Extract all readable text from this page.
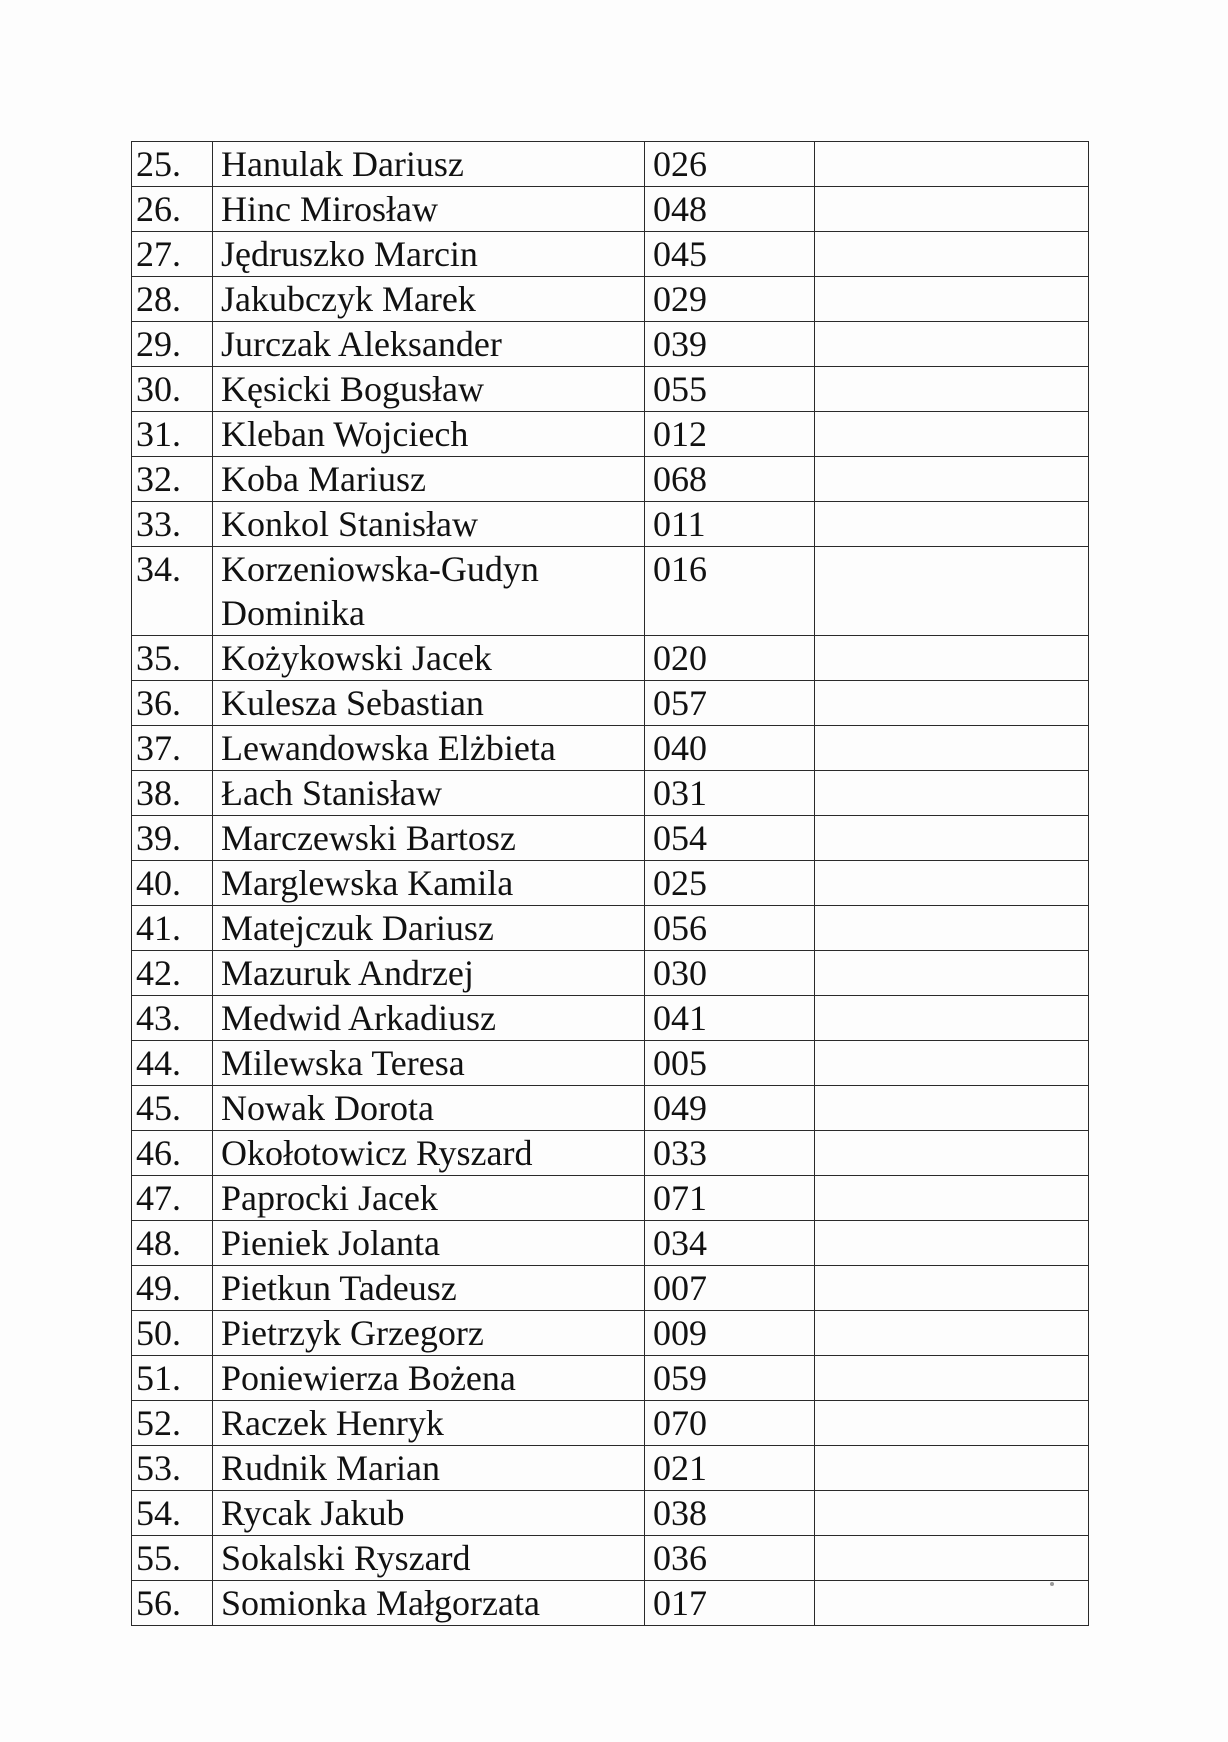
25.	Hanulak Dariusz	026	
26.	Hinc Mirosław	048	
27.	Jędruszko Marcin	045	
28.	Jakubczyk Marek	029	
29.	Jurczak Aleksander	039	
30.	Kęsicki Bogusław	055	
31.	Kleban Wojciech	012	
32.	Koba Mariusz	068	
33.	Konkol Stanisław	011	
34.	Korzeniowska-Gudyn Dominika	016	
35.	Kożykowski Jacek	020	
36.	Kulesza Sebastian	057	
37.	Lewandowska Elżbieta	040	
38.	Łach Stanisław	031	
39.	Marczewski Bartosz	054	
40.	Marglewska Kamila	025	
41.	Matejczuk Dariusz	056	
42.	Mazuruk Andrzej	030	
43.	Medwid Arkadiusz	041	
44.	Milewska Teresa	005	
45.	Nowak Dorota	049	
46.	Okołotowicz Ryszard	033	
47.	Paprocki Jacek	071	
48.	Pieniek Jolanta	034	
49.	Pietkun Tadeusz	007	
50.	Pietrzyk Grzegorz	009	
51.	Poniewierza Bożena	059	
52.	Raczek Henryk	070	
53.	Rudnik Marian	021	
54.	Rycak Jakub	038	
55.	Sokalski Ryszard	036	
56.	Somionka Małgorzata	017	
